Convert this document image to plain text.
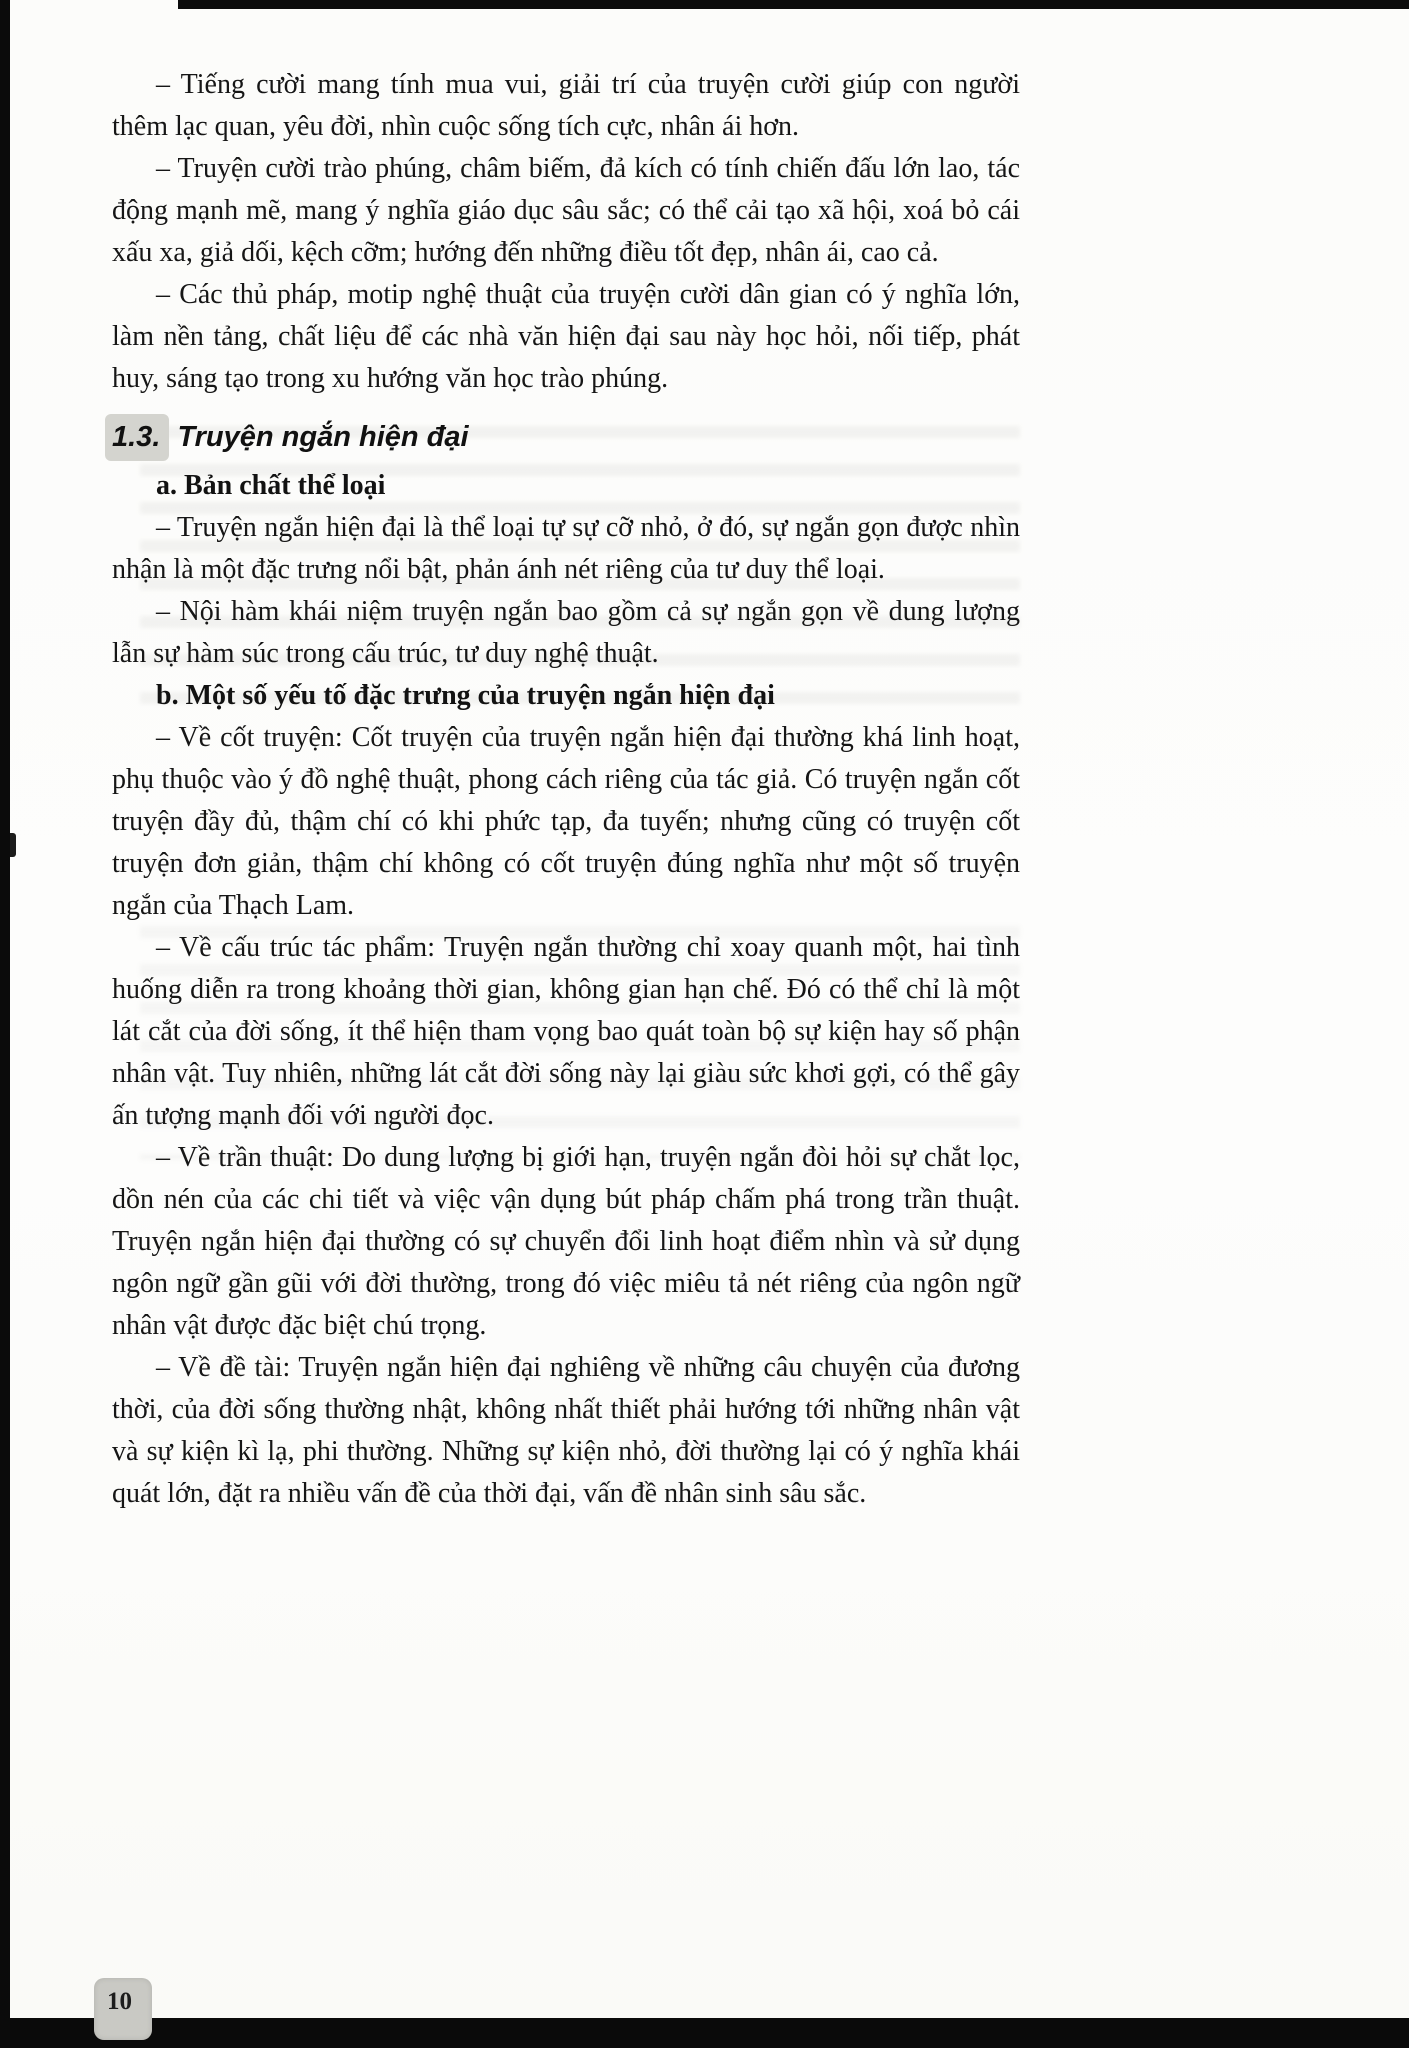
– Tiếng cười mang tính mua vui, giải trí của truyện cười giúp con người thêm lạc quan, yêu đời, nhìn cuộc sống tích cực, nhân ái hơn.

– Truyện cười trào phúng, châm biếm, đả kích có tính chiến đấu lớn lao, tác động mạnh mẽ, mang ý nghĩa giáo dục sâu sắc; có thể cải tạo xã hội, xoá bỏ cái xấu xa, giả dối, kệch cỡm; hướng đến những điều tốt đẹp, nhân ái, cao cả.

– Các thủ pháp, motip nghệ thuật của truyện cười dân gian có ý nghĩa lớn, làm nền tảng, chất liệu để các nhà văn hiện đại sau này học hỏi, nối tiếp, phát huy, sáng tạo trong xu hướng văn học trào phúng.

1.3. Truyện ngắn hiện đại

a. Bản chất thể loại

– Truyện ngắn hiện đại là thể loại tự sự cỡ nhỏ, ở đó, sự ngắn gọn được nhìn nhận là một đặc trưng nổi bật, phản ánh nét riêng của tư duy thể loại.

– Nội hàm khái niệm truyện ngắn bao gồm cả sự ngắn gọn về dung lượng lẫn sự hàm súc trong cấu trúc, tư duy nghệ thuật.

b. Một số yếu tố đặc trưng của truyện ngắn hiện đại

– Về cốt truyện: Cốt truyện của truyện ngắn hiện đại thường khá linh hoạt, phụ thuộc vào ý đồ nghệ thuật, phong cách riêng của tác giả. Có truyện ngắn cốt truyện đầy đủ, thậm chí có khi phức tạp, đa tuyến; nhưng cũng có truyện cốt truyện đơn giản, thậm chí không có cốt truyện đúng nghĩa như một số truyện ngắn của Thạch Lam.

– Về cấu trúc tác phẩm: Truyện ngắn thường chỉ xoay quanh một, hai tình huống diễn ra trong khoảng thời gian, không gian hạn chế. Đó có thể chỉ là một lát cắt của đời sống, ít thể hiện tham vọng bao quát toàn bộ sự kiện hay số phận nhân vật. Tuy nhiên, những lát cắt đời sống này lại giàu sức khơi gợi, có thể gây ấn tượng mạnh đối với người đọc.

– Về trần thuật: Do dung lượng bị giới hạn, truyện ngắn đòi hỏi sự chắt lọc, dồn nén của các chi tiết và việc vận dụng bút pháp chấm phá trong trần thuật. Truyện ngắn hiện đại thường có sự chuyển đổi linh hoạt điểm nhìn và sử dụng ngôn ngữ gần gũi với đời thường, trong đó việc miêu tả nét riêng của ngôn ngữ nhân vật được đặc biệt chú trọng.

– Về đề tài: Truyện ngắn hiện đại nghiêng về những câu chuyện của đương thời, của đời sống thường nhật, không nhất thiết phải hướng tới những nhân vật và sự kiện kì lạ, phi thường. Những sự kiện nhỏ, đời thường lại có ý nghĩa khái quát lớn, đặt ra nhiều vấn đề của thời đại, vấn đề nhân sinh sâu sắc.

10
